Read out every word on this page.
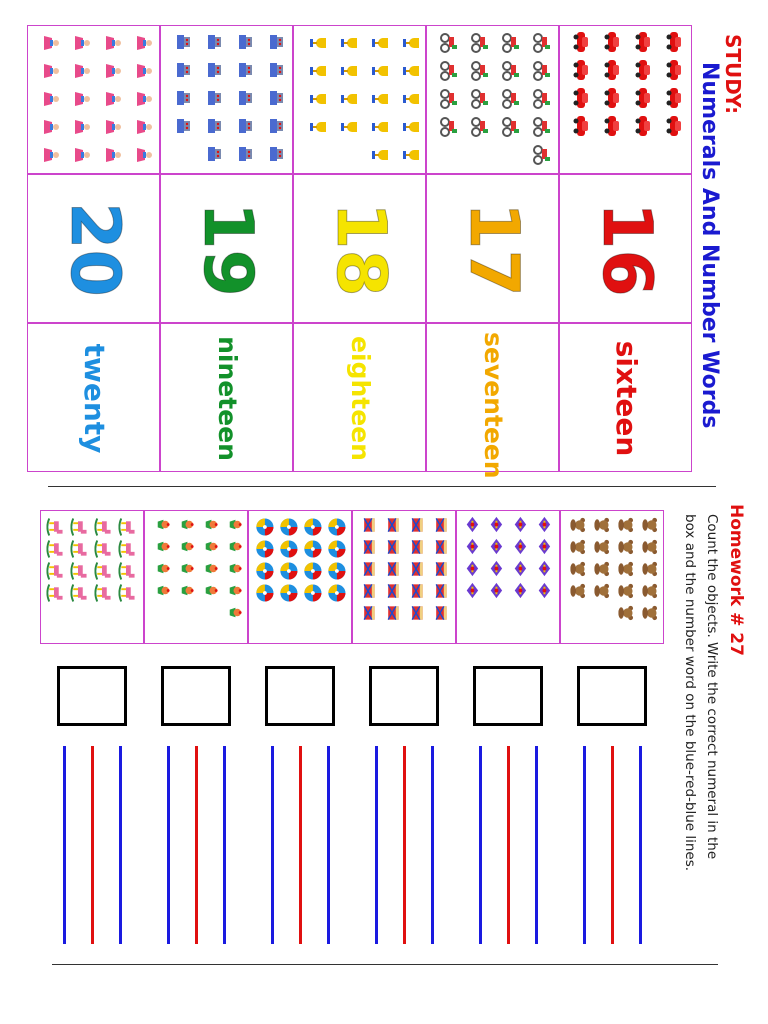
STUDY:
Numerals And Number Words
16
sixteen
17
seventeen
18
eighteen
19
nineteen
20
twenty
Homework # 27
Count the objects. Write the correct numeral in the
box and the number word on the blue-red-blue lines.
